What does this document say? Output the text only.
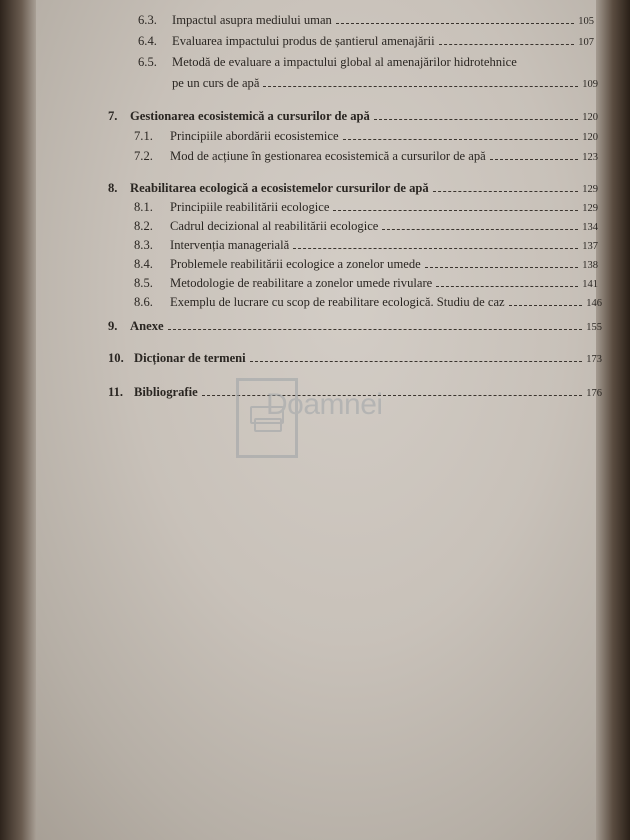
6.3.	Impactul asupra mediului uman	105
6.4.	Evaluarea impactului produs de șantierul amenajării	107
6.5.	Metodă de evaluare a impactului global al amenajărilor hidrotehnice
pe un curs de apă	109
7. Gestionarea ecosistemică a cursurilor de apă	120
7.1.	Principiile abordării ecosistemice	120
7.2.	Mod de acțiune în gestionarea ecosistemică a cursurilor de apă	123
8. Reabilitarea ecologică a ecosistemelor cursurilor de apă	129
8.1.	Principiile reabilitării ecologice	129
8.2.	Cadrul decizional al reabilitării ecologice	134
8.3.	Intervenția managerială	137
8.4.	Problemele reabilitării ecologice a zonelor umede	138
8.5.	Metodologie de reabilitare a zonelor umede rivulare	141
8.6.	Exemplu de lucrare cu scop de reabilitare ecologică. Studiu de caz	146
9. Anexe	155
10. Dicționar de termeni	173
11. Bibliografie	176
Doamnei
